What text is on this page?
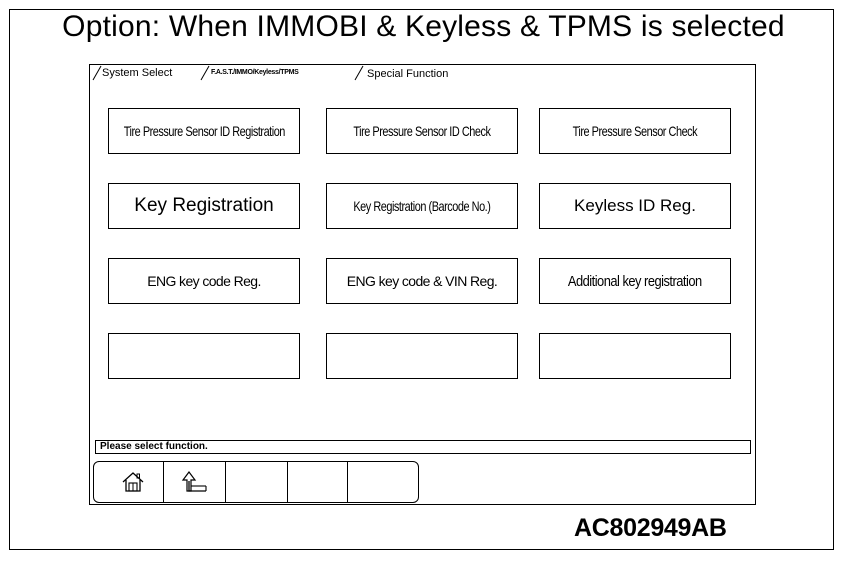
Option: When IMMOBI & Keyless & TPMS is selected
System Select	F.A.S.T./IMMO/Keyless/TPMS	Special Function
Tire Pressure Sensor ID Registration	Tire Pressure Sensor ID Check	Tire Pressure Sensor Check
Key Registration	Key Registration (Barcode No.)	Keyless ID Reg.
ENG key code Reg.	ENG key code & VIN Reg.	Additional key registration
Please select function.
AC802949AB
